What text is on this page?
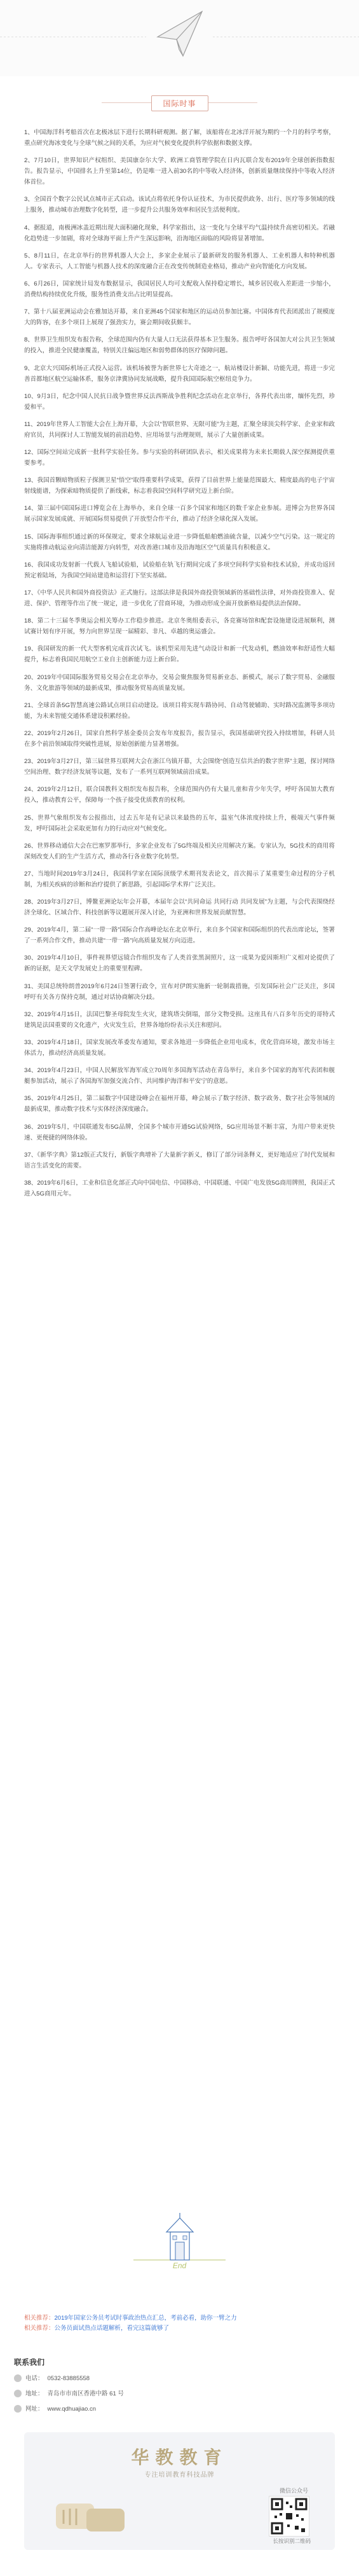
国际时事

1、中国海洋科考船首次在北极冰层下进行长期科研观测。据了解，该船将在北冰洋开展为期约一个月的科学考察，重点研究海冰变化与全球气候之间的关系，为应对气候变化提供科学依据和数据支撑。

2、7月10日，世界知识产权组织、美国康奈尔大学、欧洲工商管理学院在日内瓦联合发布2019年全球创新指数报告。报告显示，中国排名上升至第14位，仍是唯一进入前30名的中等收入经济体，创新质量继续保持中等收入经济体首位。

3、全国首个数字公民试点城市正式启动。该试点将依托身份认证技术，为市民提供政务、出行、医疗等多领域的线上服务，推动城市治理数字化转型，进一步提升公共服务效率和居民生活便利度。

4、据报道，南极洲冰盖近期出现大面积融化现象，科学家指出，这一变化与全球平均气温持续升高密切相关。若融化趋势进一步加剧，将对全球海平面上升产生深远影响，沿海地区面临的风险将显著增加。

5、8月11日，在北京举行的世界机器人大会上，多家企业展示了最新研发的服务机器人、工业机器人和特种机器人。专家表示，人工智能与机器人技术的深度融合正在改变传统制造业格局，推动产业向智能化方向发展。

6、6月26日，国家统计局发布数据显示，我国居民人均可支配收入保持稳定增长，城乡居民收入差距进一步缩小，消费结构持续优化升级，服务性消费支出占比明显提高。

7、第十八届亚洲运动会在雅加达开幕，来自亚洲45个国家和地区的运动员参加比赛。中国体育代表团派出了规模庞大的阵容，在多个项目上展现了强劲实力，赛会期间收获颇丰。

8、世界卫生组织发布报告称，全球范围内仍有大量人口无法获得基本卫生服务。报告呼吁各国加大对公共卫生领域的投入，推进全民健康覆盖，特别关注偏远地区和弱势群体的医疗保障问题。

9、北京大兴国际机场正式投入运营。该机场被誉为新世界七大奇迹之一，航站楼设计新颖、功能先进，将进一步完善首都地区航空运输体系，服务京津冀协同发展战略，提升我国国际航空枢纽竞争力。

10、9月3日，纪念中国人民抗日战争暨世界反法西斯战争胜利纪念活动在北京举行，各界代表出席，缅怀先烈，珍爱和平。

11、2019年世界人工智能大会在上海开幕，大会以“智联世界、无限可能”为主题，汇聚全球顶尖科学家、企业家和政府官员，共同探讨人工智能发展的前沿趋势、应用场景与治理规则，展示了大量创新成果。

12、国际空间站完成新一批科学实验任务。参与实验的科研团队表示，相关成果将为未来长期载人深空探测提供重要参考。

13、我国首颗暗物质粒子探测卫星“悟空”取得重要科学成果，获得了目前世界上能量范围最大、精度最高的电子宇宙射线能谱，为探索暗物质提供了新线索，标志着我国空间科学研究迈上新台阶。

14、第三届中国国际进口博览会在上海举办，来自全球一百多个国家和地区的数千家企业参展。进博会为世界各国展示国家发展成就、开展国际贸易提供了开放型合作平台，推动了经济全球化深入发展。

15、国际海事组织通过新的环保规定，要求全球航运业进一步降低船舶燃油硫含量，以减少空气污染。这一规定的实施将推动航运业向清洁能源方向转型，对改善港口城市及沿海地区空气质量具有积极意义。

16、我国成功发射新一代载人飞船试验船，试验船在轨飞行期间完成了多项空间科学实验和技术试验，并成功返回预定着陆场，为我国空间站建造和运营打下坚实基础。

17、《中华人民共和国外商投资法》正式施行。这部法律是我国外商投资领域新的基础性法律，对外商投资准入、促进、保护、管理等作出了统一规定，进一步优化了营商环境，为推动形成全面开放新格局提供法治保障。

18、第二十三届冬季奥运会相关筹办工作稳步推进。北京冬奥组委表示，各竞赛场馆和配套设施建设进展顺利，测试赛计划有序开展，努力向世界呈现一届精彩、非凡、卓越的奥运盛会。

19、我国研发的新一代大型客机完成首次试飞。该机型采用先进气动设计和新一代发动机，燃油效率和舒适性大幅提升，标志着我国民用航空工业自主创新能力迈上新台阶。

20、2019年中国国际服务贸易交易会在北京举办，交易会聚焦服务贸易新业态、新模式，展示了数字贸易、金融服务、文化旅游等领域的最新成果，推动服务贸易高质量发展。

21、全球首条5G智慧高速公路试点项目启动建设。该项目将实现车路协同、自动驾驶辅助、实时路况监测等多项功能，为未来智能交通体系建设积累经验。

22、2019年2月26日，国家自然科学基金委员会发布年度报告，报告显示，我国基础研究投入持续增加，科研人员在多个前沿领域取得突破性进展，原始创新能力显著增强。

23、2019年3月27日，第三届世界互联网大会在浙江乌镇开幕，大会围绕“创造互信共治的数字世界”主题，探讨网络空间治理、数字经济发展等议题，发布了一系列互联网领域前沿成果。

24、2019年2月12日，联合国教科文组织发布报告称，全球范围内仍有大量儿童和青少年失学，呼吁各国加大教育投入，推动教育公平，保障每一个孩子接受优质教育的权利。

25、世界气象组织发布公报指出，过去五年是有记录以来最热的五年，温室气体浓度持续上升，极端天气事件频发，呼吁国际社会采取更加有力的行动应对气候变化。

26、世界移动通信大会在巴塞罗那举行，多家企业发布了5G终端及相关应用解决方案。专家认为，5G技术的商用将深刻改变人们的生产生活方式，推动各行各业数字化转型。

27、当地时间2019年3月24日，我国科学家在国际顶级学术期刊发表论文，首次揭示了某重要生命过程的分子机制，为相关疾病的诊断和治疗提供了新思路，引起国际学术界广泛关注。

28、2019年3月27日，博鳌亚洲论坛年会开幕，本届年会以“共同命运 共同行动 共同发展”为主题，与会代表围绕经济全球化、区域合作、科技创新等议题展开深入讨论，为亚洲和世界发展贡献智慧。

29、2019年4月，第二届“一带一路”国际合作高峰论坛在北京举行，来自多个国家和国际组织的代表出席论坛，签署了一系列合作文件，推动共建“一带一路”向高质量发展方向迈进。

30、2019年4月10日，事件视界望远镜合作组织发布了人类首张黑洞照片，这一成果为爱因斯坦广义相对论提供了新的证据，是天文学发展史上的重要里程碑。

31、美国总统特朗普2019年6月24日签署行政令，宣布对伊朗实施新一轮制裁措施，引发国际社会广泛关注，多国呼吁有关各方保持克制，通过对话协商解决分歧。

32、2019年4月15日，法国巴黎圣母院发生火灾，建筑塔尖倒塌，部分文物受损。这座具有八百多年历史的哥特式建筑是法国重要的文化遗产，火灾发生后，世界各地纷纷表示关注和慰问。

33、2019年4月18日，国家发展改革委发布通知，要求各地进一步降低企业用电成本，优化营商环境，激发市场主体活力，推动经济高质量发展。

34、2019年4月23日，中国人民解放军海军成立70周年多国海军活动在青岛举行，来自多个国家的海军代表团和舰艇参加活动，展示了各国海军加强交流合作、共同维护海洋和平安宁的意愿。

35、2019年4月25日，第二届数字中国建设峰会在福州开幕，峰会展示了数字经济、数字政务、数字社会等领域的最新成果，推动数字技术与实体经济深度融合。

36、2019年5月，中国联通发布5G品牌，全国多个城市开通5G试验网络，5G应用场景不断丰富，为用户带来更快速、更便捷的网络体验。

37、《新华字典》第12版正式发行，新版字典增补了大量新字新义，修订了部分词条释义，更好地适应了时代发展和语言生活变化的需要。

38、2019年6月6日，工业和信息化部正式向中国电信、中国移动、中国联通、中国广电发放5G商用牌照，我国正式进入5G商用元年。

End
相关推荐：2019年国家公务员考试时事政治热点汇总，考前必看，助你一臂之力
相关推荐：公务员面试热点话题解析，看完这篇就够了
联系我们
电话： 0532-83885558
地址： 青岛市市南区香港中路 61 号
网址： www.qdhuajiao.cn
华教教育
专注培训教育科技品牌
微信公众号
长按识别二维码
